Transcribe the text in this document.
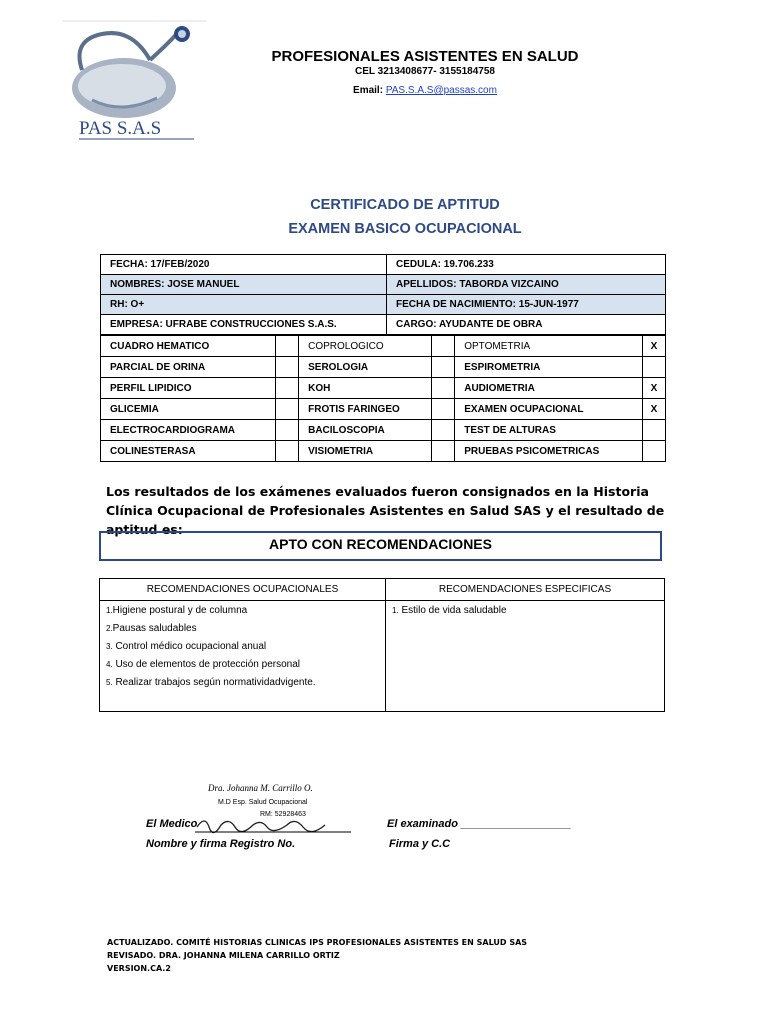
PAS S.A.S
PROFESIONALES ASISTENTES EN SALUD
CEL 3213408677- 3155184758
Email: PAS.S.A.S@passas.com
CERTIFICADO DE APTITUD
EXAMEN BASICO OCUPACIONAL
FECHA: 17/FEB/2020	CEDULA: 19.706.233
NOMBRES: JOSE MANUEL	APELLIDOS: TABORDA VIZCAINO
RH: O+	FECHA DE NACIMIENTO: 15-JUN-1977
EMPRESA: UFRABE CONSTRUCCIONES S.A.S.	CARGO: AYUDANTE DE OBRA
CUADRO HEMATICO		COPROLOGICO		OPTOMETRIA	X
PARCIAL DE ORINA		SEROLOGIA		ESPIROMETRIA	
PERFIL LIPIDICO		KOH		AUDIOMETRIA	X
GLICEMIA		FROTIS FARINGEO		EXAMEN OCUPACIONAL	X
ELECTROCARDIOGRAMA		BACILOSCOPIA		TEST DE ALTURAS	
COLINESTERASA		VISIOMETRIA		PRUEBAS PSICOMETRICAS	
Los resultados de los exámenes evaluados fueron consignados en la Historia Clínica Ocupacional de Profesionales Asistentes en Salud SAS y el resultado de aptitud es:
APTO CON RECOMENDACIONES
RECOMENDACIONES OCUPACIONALES	RECOMENDACIONES ESPECIFICAS

1.Higiene postural y de columna
2.Pausas saludables
3. Control médico ocupacional anual
4. Uso de elementos de protección personal
5. Realizar trabajos según normatividadvigente.	1. Estilo de vida saludable
Dra. Johanna M. Carrillo O.
M.D Esp. Salud Ocupacional
RM: 52928463
El Medico
Nombre y firma Registro No.
El examinado __________________
Firma y C.C
ACTUALIZADO. COMITÉ HISTORIAS CLINICAS IPS PROFESIONALES ASISTENTES EN SALUD SAS
REVISADO. DRA. JOHANNA MILENA CARRILLO ORTIZ
VERSION.CA.2
